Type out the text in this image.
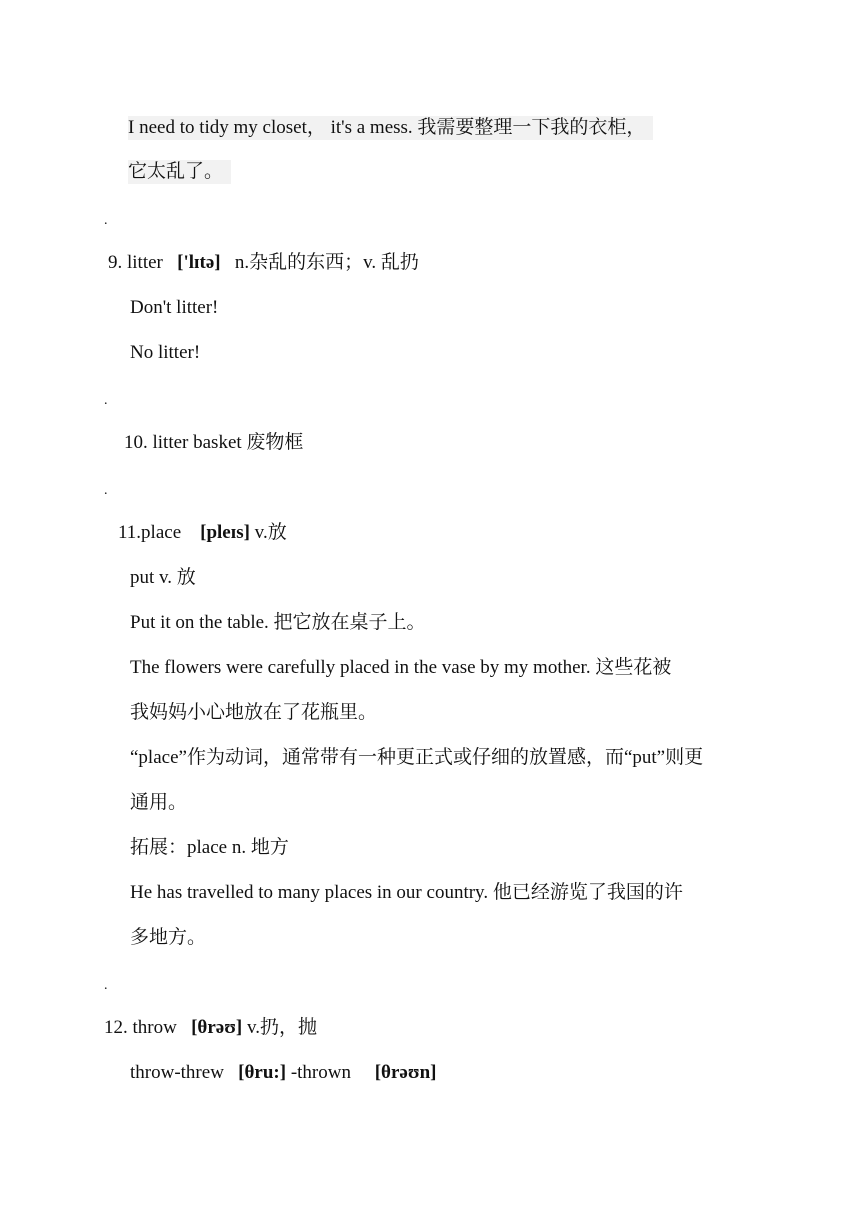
I need to tidy my closet， it's a mess. 我需要整理一下我的衣柜，
它太乱了。
.
9. litter ['lɪtə] n.杂乱的东西；v. 乱扔
Don't litter!
No litter!
.
10. litter basket 废物框
.
11.place [pleɪs] v.放
put v. 放
Put it on the table. 把它放在桌子上。
The flowers were carefully placed in the vase by my mother. 这些花被
我妈妈小心地放在了花瓶里。
“place”作为动词，通常带有一种更正式或仔细的放置感，而“put”则更
通用。
拓展：place n. 地方
He has travelled to many places in our country. 他已经游览了我国的许
多地方。
.
12. throw [θrəʊ] v.扔，抛
throw-threw [θru:] -thrown [θrəʊn]
